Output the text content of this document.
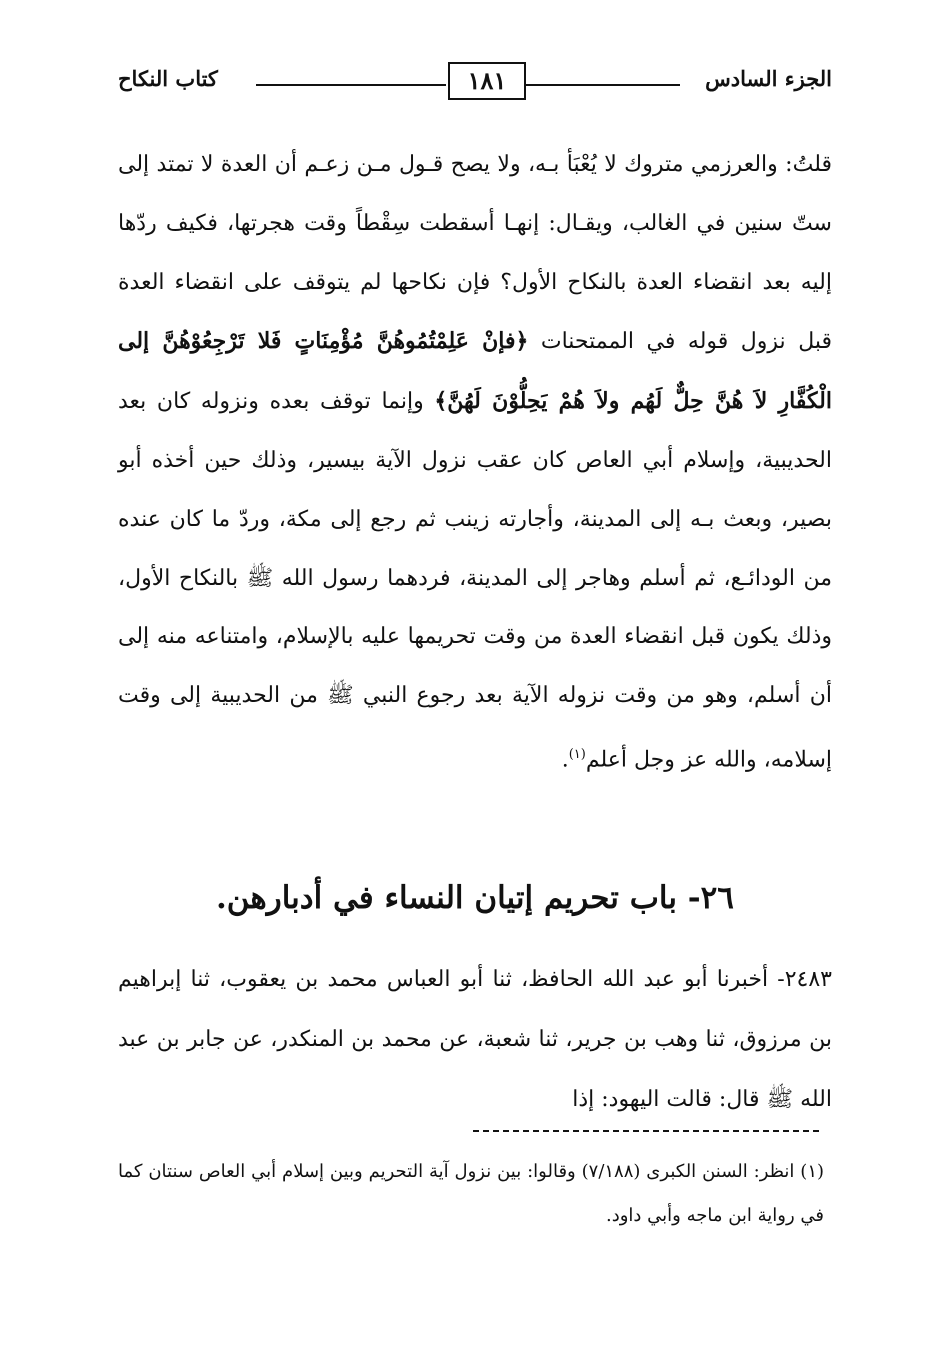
الجزء السادس
١٨١
كتاب النكاح

قلتُ: والعرزمي متروك لا يُعْبَأ بـه، ولا يصح قـول مـن زعـم أن العدة لا تمتد إلى ستّ سنين في الغالب، ويقـال: إنهـا أسقطت سِقْطاً وقت هجرتها، فكيف ردّها إليه بعد انقضاء العدة بالنكاح الأول؟ فإن نكاحها لم يتوقف على انقضاء العدة قبل نزول قوله في الممتحنات ﴿فإنْ عَلِمْتُمُوهُنَّ مُؤْمِنَاتٍ فَلا تَرْجِعُوْهُنَّ إلى الْكُفَّارِ لاَ هُنَّ حِلٌّ لَهُم ولاَ هُمْ يَحِلُّوْنَ لَهُنَّ﴾ وإنما توقف بعده ونزوله كان بعد الحديبية، وإسلام أبي العاص كان عقب نزول الآية بيسير، وذلك حين أخذه أبو بصير، وبعث بـه إلى المدينة، وأجارته زينب ثم رجع إلى مكة، وردّ ما كان عنده من الودائـع، ثم أسلم وهاجر إلى المدينة، فردهما رسول الله ﷺ بالنكاح الأول، وذلك يكون قبل انقضاء العدة من وقت تحريمها عليه بالإسلام، وامتناعه منه إلى أن أسلم، وهو من وقت نزوله الآية بعد رجوع النبي ﷺ من الحديبية إلى وقت إسلامه، والله عز وجل أعلم$^{(١)}$.

٢٦- باب تحريم إتيان النساء في أدبارهن.

٢٤٨٣- أخبرنا أبو عبد الله الحافظ، ثنا أبو العباس محمد بن يعقوب، ثنا إبراهيم بن مرزوق، ثنا وهب بن جرير، ثنا شعبة، عن محمد بن المنكدر، عن جابر بن عبد الله ﷺ قال: قالت اليهود: إذا

(١) انظر: السنن الكبرى (٧/١٨٨) وقالوا: بين نزول آية التحريم وبين إسلام أبي العاص سنتان كما في رواية ابن ماجه وأبي داود.
